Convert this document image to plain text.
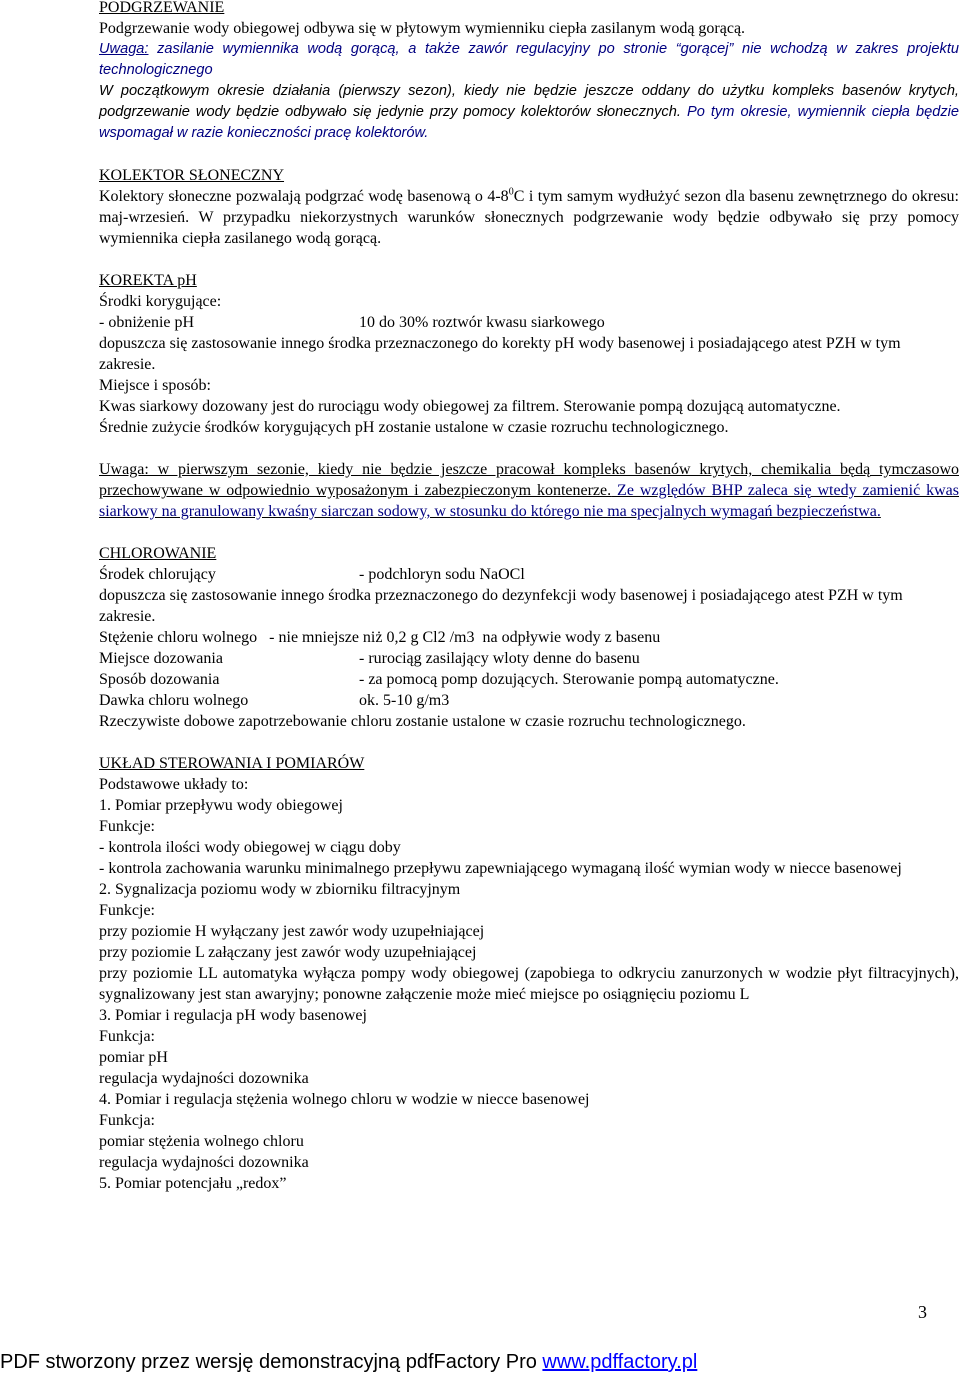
PODGRZEWANIE

Podgrzewanie wody obiegowej odbywa się w płytowym wymienniku ciepła zasilanym wodą gorącą.

Uwaga: zasilanie wymiennika wodą gorącą, a także zawór regulacyjny po stronie “gorącej” nie wchodzą w zakres projektu technologicznego

W początkowym okresie działania (pierwszy sezon), kiedy nie będzie jeszcze oddany do użytku kompleks basenów krytych, podgrzewanie wody będzie odbywało się jedynie przy pomocy kolektorów słonecznych. Po tym okresie, wymiennik ciepła będzie wspomagał w razie konieczności pracę kolektorów.

KOLEKTOR SŁONECZNY

Kolektory słoneczne pozwalają podgrzać wodę basenową o $4-8^0C$ i tym samym wydłużyć sezon dla basenu zewnętrznego do okresu: maj-wrzesień. W przypadku niekorzystnych warunków słonecznych podgrzewanie wody będzie odbywało się przy pomocy wymiennika ciepła zasilanego wodą gorącą.

KOREKTA pH

Środki korygujące:

- obniżenie pH	10 do 30% roztwór kwasu siarkowego

dopuszcza się zastosowanie innego środka przeznaczonego do korekty pH wody basenowej i posiadającego atest PZH w tym zakresie.

Miejsce i sposób:

Kwas siarkowy dozowany jest do rurociągu wody obiegowej za filtrem. Sterowanie pompą dozującą automatyczne.

Średnie zużycie środków korygujących pH zostanie ustalone w czasie rozruchu technologicznego.

Uwaga: w pierwszym sezonie, kiedy nie będzie jeszcze pracował kompleks basenów krytych, chemikalia będą tymczasowo przechowywane w odpowiednio wyposażonym i zabezpieczonym kontenerze. Ze względów BHP zaleca się wtedy zamienić kwas siarkowy na granulowany kwaśny siarczan sodowy, w stosunku do którego nie ma specjalnych wymagań bezpieczeństwa.

CHLOROWANIE

Środek chlorujący	- podchloryn sodu NaOCl

dopuszcza się zastosowanie innego środka przeznaczonego do dezynfekcji wody basenowej i posiadającego atest PZH w tym zakresie.

Stężenie chloru wolnego   - nie mniejsze niż 0,2 g Cl2 /m3  na odpływie wody z basenu

Miejsce dozowania	- rurociąg zasilający wloty denne do basenu
Sposób dozowania	- za pomocą pomp dozujących. Sterowanie pompą automatyczne.
Dawka chloru wolnego	ok. 5-10 g/m3

Rzeczywiste dobowe zapotrzebowanie chloru zostanie ustalone w czasie rozruchu technologicznego.

UKŁAD STEROWANIA I POMIARÓW

Podstawowe układy to:

1. Pomiar przepływu wody obiegowej

Funkcje:

- kontrola ilości wody obiegowej w ciągu doby

- kontrola zachowania warunku minimalnego przepływu zapewniającego wymaganą ilość wymian wody w niecce basenowej

2. Sygnalizacja poziomu wody w zbiorniku filtracyjnym

Funkcje:

przy poziomie H wyłączany jest zawór wody uzupełniającej

przy poziomie L załączany jest zawór wody uzupełniającej

przy poziomie LL automatyka wyłącza pompy wody obiegowej (zapobiega to odkryciu zanurzonych w wodzie płyt filtracyjnych), sygnalizowany jest stan awaryjny; ponowne załączenie może mieć miejsce po osiągnięciu poziomu L

3. Pomiar i regulacja pH wody basenowej

Funkcja:

pomiar pH

regulacja wydajności dozownika

4. Pomiar i regulacja stężenia wolnego chloru w wodzie w niecce basenowej

Funkcja:

pomiar stężenia wolnego chloru

regulacja wydajności dozownika

5. Pomiar potencjału „redox”

3
PDF stworzony przez wersję demonstracyjną pdfFactory Pro www.pdffactory.pl
